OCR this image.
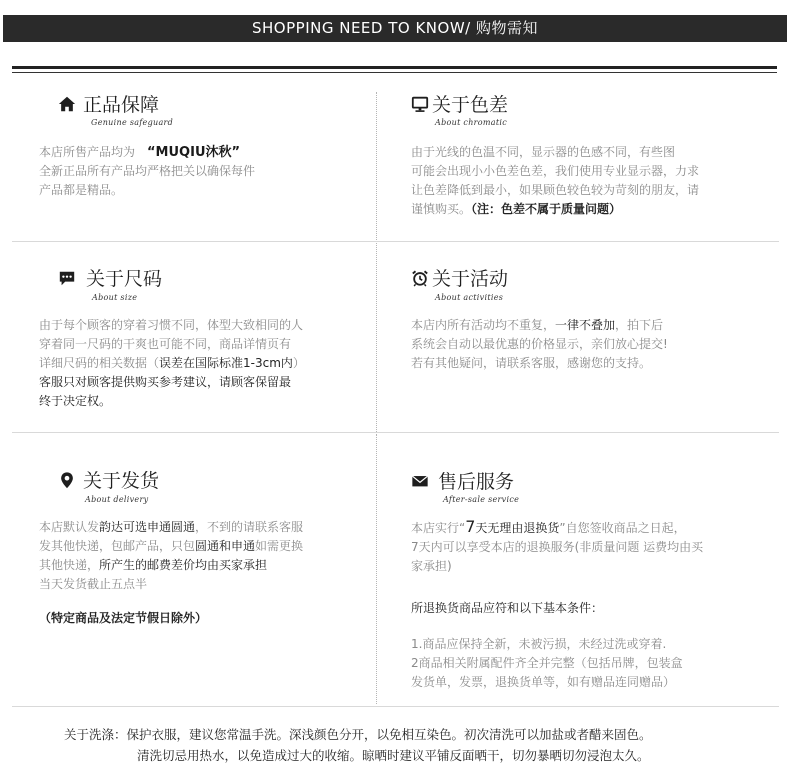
SHOPPING NEED TO KNOW/ 购物需知
正品保障
Genuine safeguard
本店所售产品均为 “MUQIU沐秋”
全新正品所有产品均严格把关以确保每件
产品都是精品。
关于色差
About chromatic
由于光线的色温不同，显示器的色感不同，有些图
可能会出现小小色差色差，我们使用专业显示器，力求
让色差降低到最小，如果顾色较色较为苛刻的朋友，请
谨慎购买。（注：色差不属于质量问题）
关于尺码
About size
由于每个顾客的穿着习惯不同，体型大致相同的人
穿着同一尺码的干爽也可能不同，商品详情页有
详细尺码的相关数据（误差在国际标准1-3cm内）
客服只对顾客提供购买参考建议，请顾客保留最
终于决定权。
关于活动
About activities
本店内所有活动均不重复，一律不叠加，拍下后
系统会自动以最优惠的价格显示，亲们放心提交!
若有其他疑问，请联系客服，感谢您的支持。
关于发货
About delivery
本店默认发韵达可选申通圆通，不到的请联系客服
发其他快递，包邮产品，只包圆通和申通如需更换
其他快递，所产生的邮费差价均由买家承担
当天发货截止五点半
（特定商品及法定节假日除外）
售后服务
After-sale service
本店实行“7天无理由退换货”自您签收商品之日起，
7天内可以享受本店的退换服务(非质量问题 运费均由买
家承担)
所退换货商品应符和以下基本条件：
1.商品应保持全新，未被污损，未经过洗或穿着.
2商品相关附属配件齐全并完整（包括吊牌，包装盒
发货单，发票，退换货单等，如有赠品连同赠品）
关于洗涤：保护衣服，建议您常温手洗。深浅颜色分开，以免相互染色。初次清洗可以加盐或者醋来固色。
清洗切忌用热水，以免造成过大的收缩。晾晒时建议平铺反面晒干，切勿暴晒切勿浸泡太久。
